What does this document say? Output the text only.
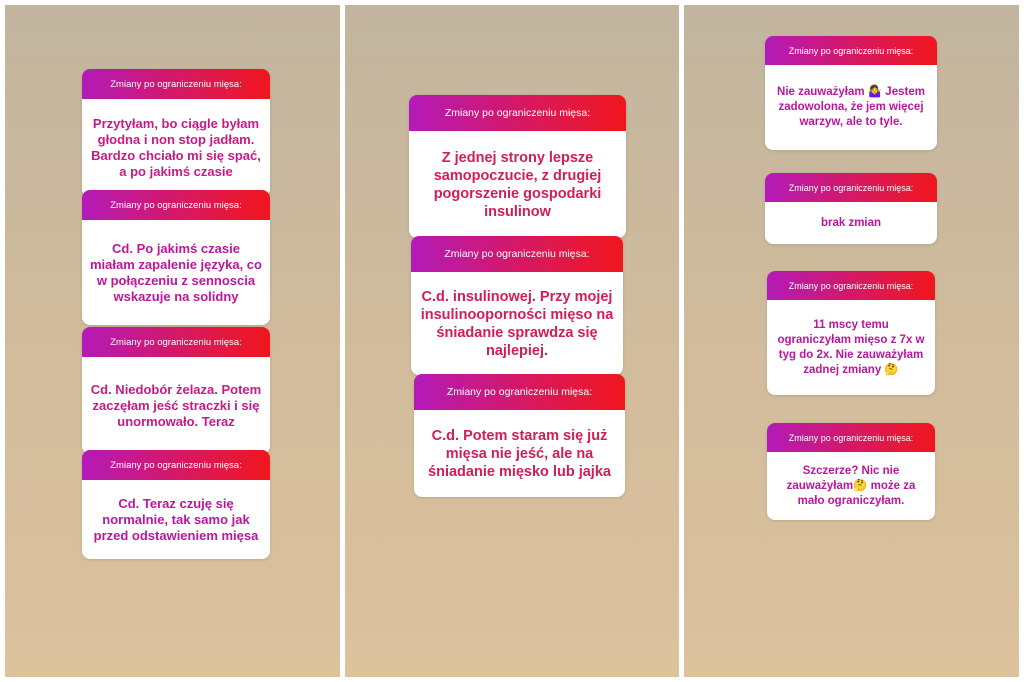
Zmiany po ograniczeniu mięsa:
Przytyłam, bo ciągle byłam głodna i non stop jadłam. Bardzo chciało mi się spać, a po jakimś czasie
Zmiany po ograniczeniu mięsa:
Cd. Po jakimś czasie miałam zapalenie języka, co w połączeniu z sennoscia wskazuje na solidny
Zmiany po ograniczeniu mięsa:
Cd. Niedobór żelaza. Potem zaczęłam jeść straczki i się unormowało. Teraz
Zmiany po ograniczeniu mięsa:
Cd. Teraz czuję się normalnie, tak samo jak przed odstawieniem mięsa
Zmiany po ograniczeniu mięsa:
Z jednej strony lepsze samopoczucie, z drugiej pogorszenie gospodarki insulinow
Zmiany po ograniczeniu mięsa:
C.d. insulinowej. Przy mojej insulinooporności mięso na śniadanie sprawdza się najlepiej.
Zmiany po ograniczeniu mięsa:
C.d. Potem staram się już mięsa nie jeść, ale na śniadanie mięsko lub jajka
Zmiany po ograniczeniu mięsa:
Nie zauważyłam 🤷‍♀️ Jestem zadowolona, że jem więcej warzyw, ale to tyle.
Zmiany po ograniczeniu mięsa:
brak zmian
Zmiany po ograniczeniu mięsa:
11 mscy temu ograniczyłam mięso z 7x w tyg do 2x. Nie zauważyłam zadnej zmiany 🤔
Zmiany po ograniczeniu mięsa:
Szczerze? Nic nie zauważyłam🤔 może za mało ograniczyłam.
